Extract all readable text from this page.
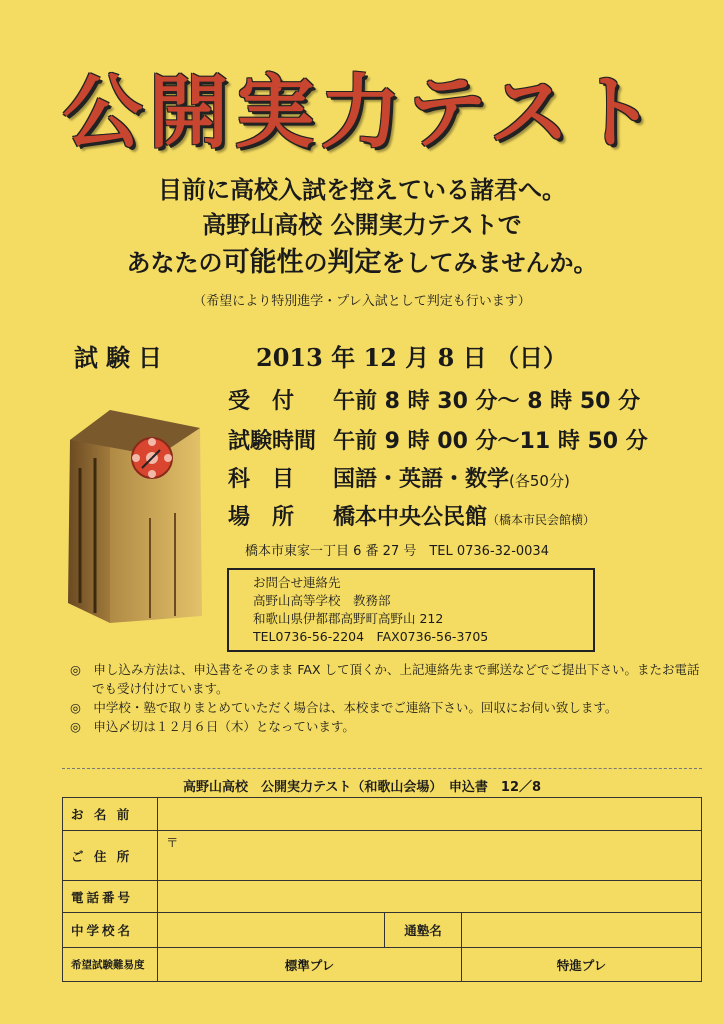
公開実力テスト
目前に高校入試を控えている諸君へ。
高野山高校 公開実力テストで
あなたの可能性の判定をしてみませんか。
（希望により特別進学・プレ入試として判定も行います）
試験日	2013 年 12 月 8 日 （日）
受　付 午前 8 時 30 分～ 8 時 50 分
試験時間 午前 9 時 00 分～11 時 50 分
科　目 国語・英語・数学(各50分)
場　所 橋本中央公民館（橋本市民会館横）
橋本市東家一丁目 6 番 27 号　TEL 0736-32-0034
お問合せ連絡先
高野山高等学校　教務部
和歌山県伊都郡高野町高野山 212
TEL0736-56-2204　FAX0736-56-3705
◎　申し込み方法は、申込書をそのまま FAX して頂くか、上記連絡先まで郵送などでご提出下さい。またお電話でも受け付けています。
◎　中学校・塾で取りまとめていただく場合は、本校までご連絡下さい。回収にお伺い致します。
◎　申込〆切は１２月６日（木）となっています。
高野山高校　公開実力テスト（和歌山会場）　申込書　12／8
お 名 前			
ご 住 所	〒		
電話番号			
中学校名		通塾名	
希望試験難易度	標準プレ		特進プレ
